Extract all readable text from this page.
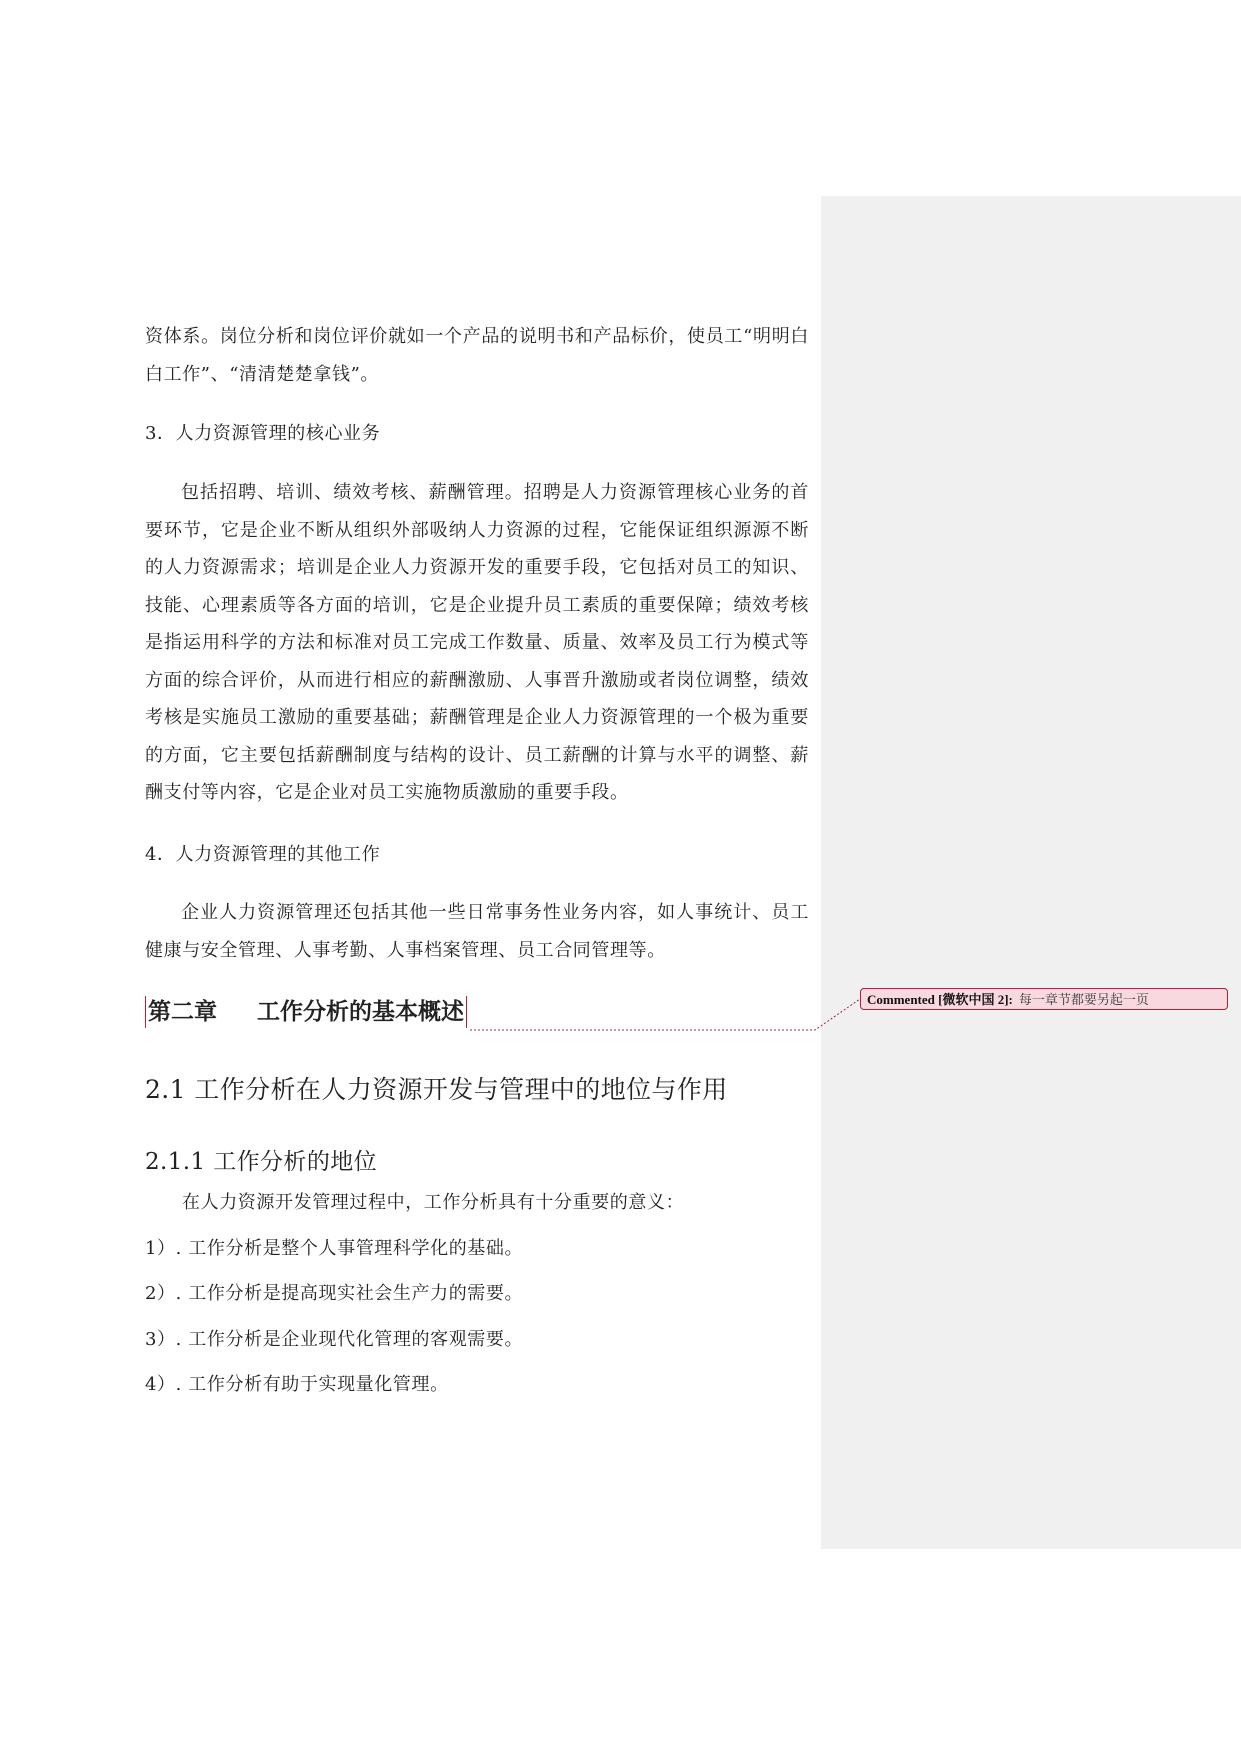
资体系。岗位分析和岗位评价就如一个产品的说明书和产品标价，使员工“明明白白工作”、“清清楚楚拿钱”。
3．人力资源管理的核心业务
包括招聘、培训、绩效考核、薪酬管理。招聘是人力资源管理核心业务的首要环节，它是企业不断从组织外部吸纳人力资源的过程，它能保证组织源源不断的人力资源需求；培训是企业人力资源开发的重要手段，它包括对员工的知识、技能、心理素质等各方面的培训，它是企业提升员工素质的重要保障；绩效考核是指运用科学的方法和标准对员工完成工作数量、质量、效率及员工行为模式等方面的综合评价，从而进行相应的薪酬激励、人事晋升激励或者岗位调整，绩效考核是实施员工激励的重要基础；薪酬管理是企业人力资源管理的一个极为重要的方面，它主要包括薪酬制度与结构的设计、员工薪酬的计算与水平的调整、薪酬支付等内容，它是企业对员工实施物质激励的重要手段。
4．人力资源管理的其他工作
企业人力资源管理还包括其他一些日常事务性业务内容，如人事统计、员工健康与安全管理、人事考勤、人事档案管理、员工合同管理等。
第二章 工作分析的基本概述
2.1 工作分析在人力资源开发与管理中的地位与作用
2.1.1 工作分析的地位
在人力资源开发管理过程中，工作分析具有十分重要的意义：
1）. 工作分析是整个人事管理科学化的基础。
2）. 工作分析是提高现实社会生产力的需要。
3）. 工作分析是企业现代化管理的客观需要。
4）. 工作分析有助于实现量化管理。
Commented [微软中国 2]: 每一章节都要另起一页
